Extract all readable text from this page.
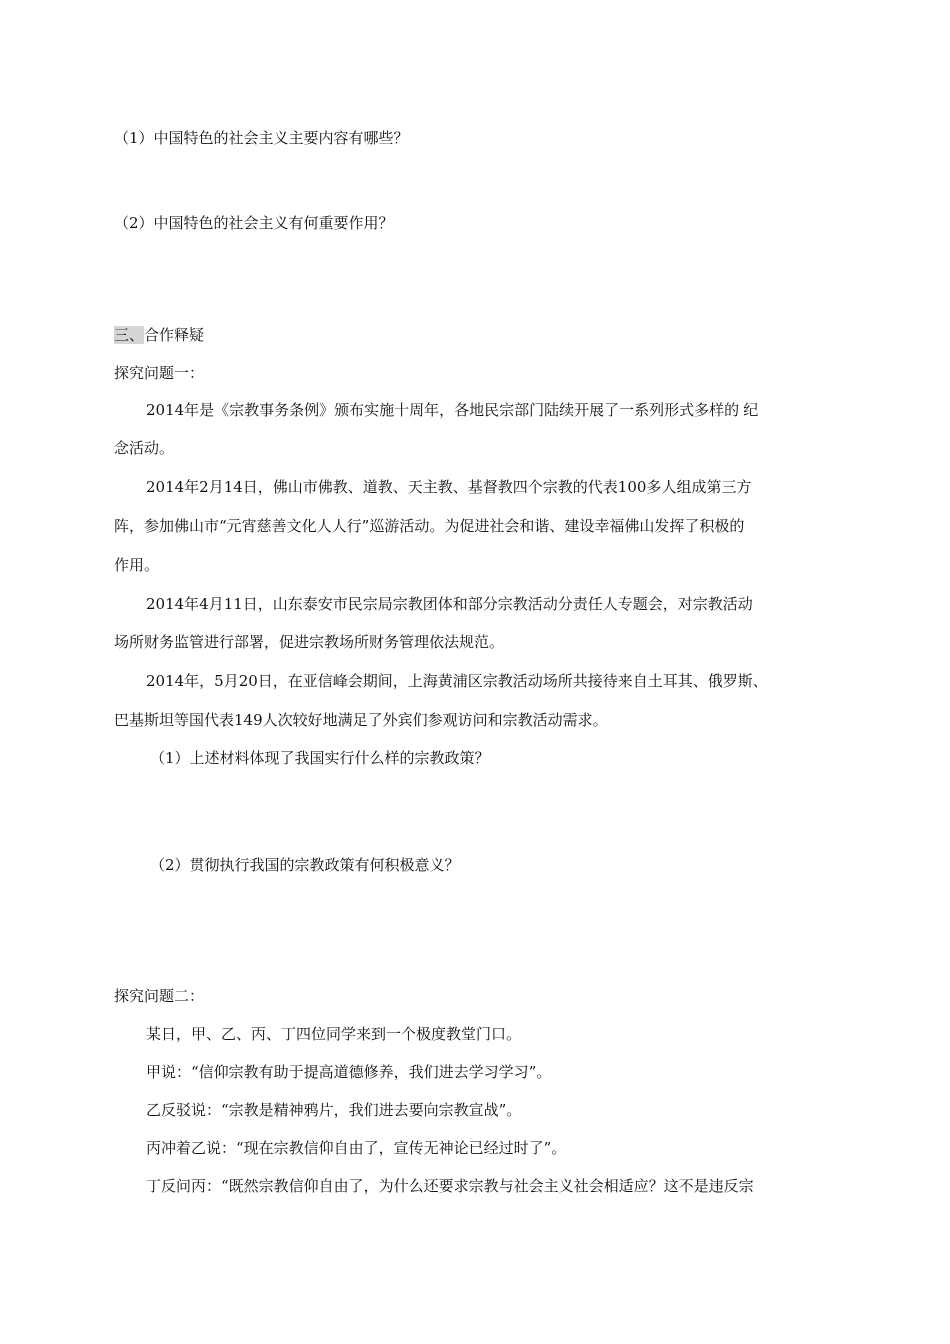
（1）中国特色的社会主义主要内容有哪些？
（2）中国特色的社会主义有何重要作用？
三、合作释疑
探究问题一：
2014年是《宗教事务条例》颁布实施十周年，各地民宗部门陆续开展了一系列形式多样的 纪
念活动。
2014年2月14日，佛山市佛教、道教、天主教、基督教四个宗教的代表100多人组成第三方
阵，参加佛山市“元宵慈善文化人人行”巡游活动。为促进社会和谐、建设幸福佛山发挥了积极的
作用。
2014年4月11日，山东泰安市民宗局宗教团体和部分宗教活动分责任人专题会，对宗教活动
场所财务监管进行部署，促进宗教场所财务管理依法规范。
2014年，5月20日，在亚信峰会期间，上海黄浦区宗教活动场所共接待来自土耳其、俄罗斯、
巴基斯坦等国代表149人次较好地满足了外宾们参观访问和宗教活动需求。
（1）上述材料体现了我国实行什么样的宗教政策？
（2）贯彻执行我国的宗教政策有何积极意义？
探究问题二：
某日，甲、乙、丙、丁四位同学来到一个极度教堂门口。
甲说：“信仰宗教有助于提高道德修养，我们进去学习学习”。
乙反驳说：“宗教是精神鸦片，我们进去要向宗教宣战”。
丙冲着乙说：“现在宗教信仰自由了，宣传无神论已经过时了”。
丁反问丙：“既然宗教信仰自由了，为什么还要求宗教与社会主义社会相适应？这不是违反宗
